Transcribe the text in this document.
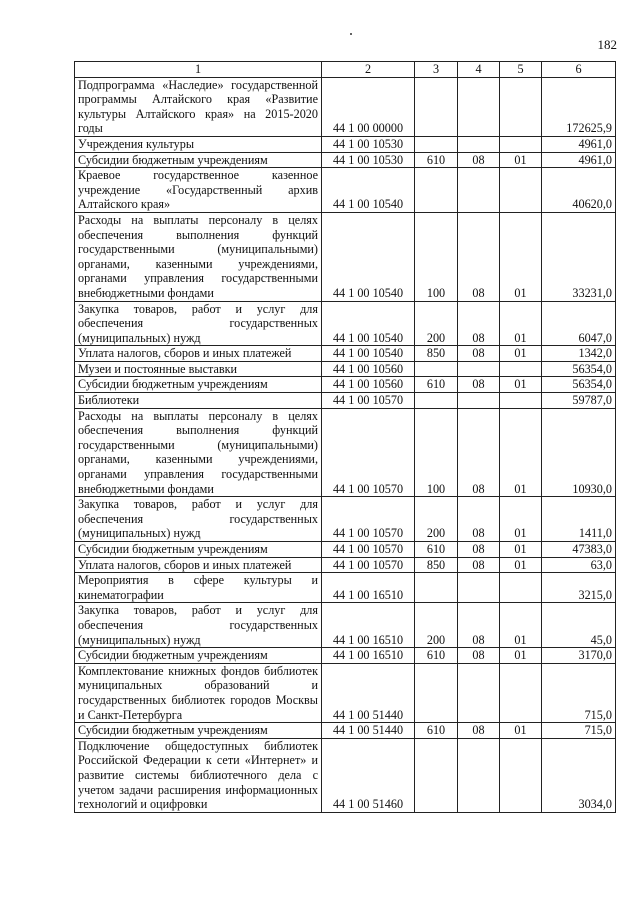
182
1	2	3	4	5	6
Подпрограмма «Наследие» государственной программы Алтайского края «Развитие культуры Алтайского края» на 2015-2020 годы	44 1 00 00000				172625,9
Учреждения культуры	44 1 00 10530				4961,0
Субсидии бюджетным учреждениям	44 1 00 10530	610	08	01	4961,0
Краевое государственное казенное учреждение «Государственный архив Алтайского края»	44 1 00 10540				40620,0
Расходы на выплаты персоналу в целях обеспечения выполнения функций государственными (муниципальными) органами, казенными учреждениями, органами управления государственными внебюджетными фондами	44 1 00 10540	100	08	01	33231,0
Закупка товаров, работ и услуг для обеспечения государственных (муниципальных) нужд	44 1 00 10540	200	08	01	6047,0
Уплата налогов, сборов и иных платежей	44 1 00 10540	850	08	01	1342,0
Музеи и постоянные выставки	44 1 00 10560				56354,0
Субсидии бюджетным учреждениям	44 1 00 10560	610	08	01	56354,0
Библиотеки	44 1 00 10570				59787,0
Расходы на выплаты персоналу в целях обеспечения выполнения функций государственными (муниципальными) органами, казенными учреждениями, органами управления государственными внебюджетными фондами	44 1 00 10570	100	08	01	10930,0
Закупка товаров, работ и услуг для обеспечения государственных (муниципальных) нужд	44 1 00 10570	200	08	01	1411,0
Субсидии бюджетным учреждениям	44 1 00 10570	610	08	01	47383,0
Уплата налогов, сборов и иных платежей	44 1 00 10570	850	08	01	63,0
Мероприятия в сфере культуры и кинематографии	44 1 00 16510				3215,0
Закупка товаров, работ и услуг для обеспечения государственных (муниципальных) нужд	44 1 00 16510	200	08	01	45,0
Субсидии бюджетным учреждениям	44 1 00 16510	610	08	01	3170,0
Комплектование книжных фондов библиотек муниципальных образований и государственных библиотек городов Москвы и Санкт-Петербурга	44 1 00 51440				715,0
Субсидии бюджетным учреждениям	44 1 00 51440	610	08	01	715,0
Подключение общедоступных библиотек Российской Федерации к сети «Интернет» и развитие системы библиотечного дела с учетом задачи расширения информационных технологий и оцифровки	44 1 00 51460				3034,0
